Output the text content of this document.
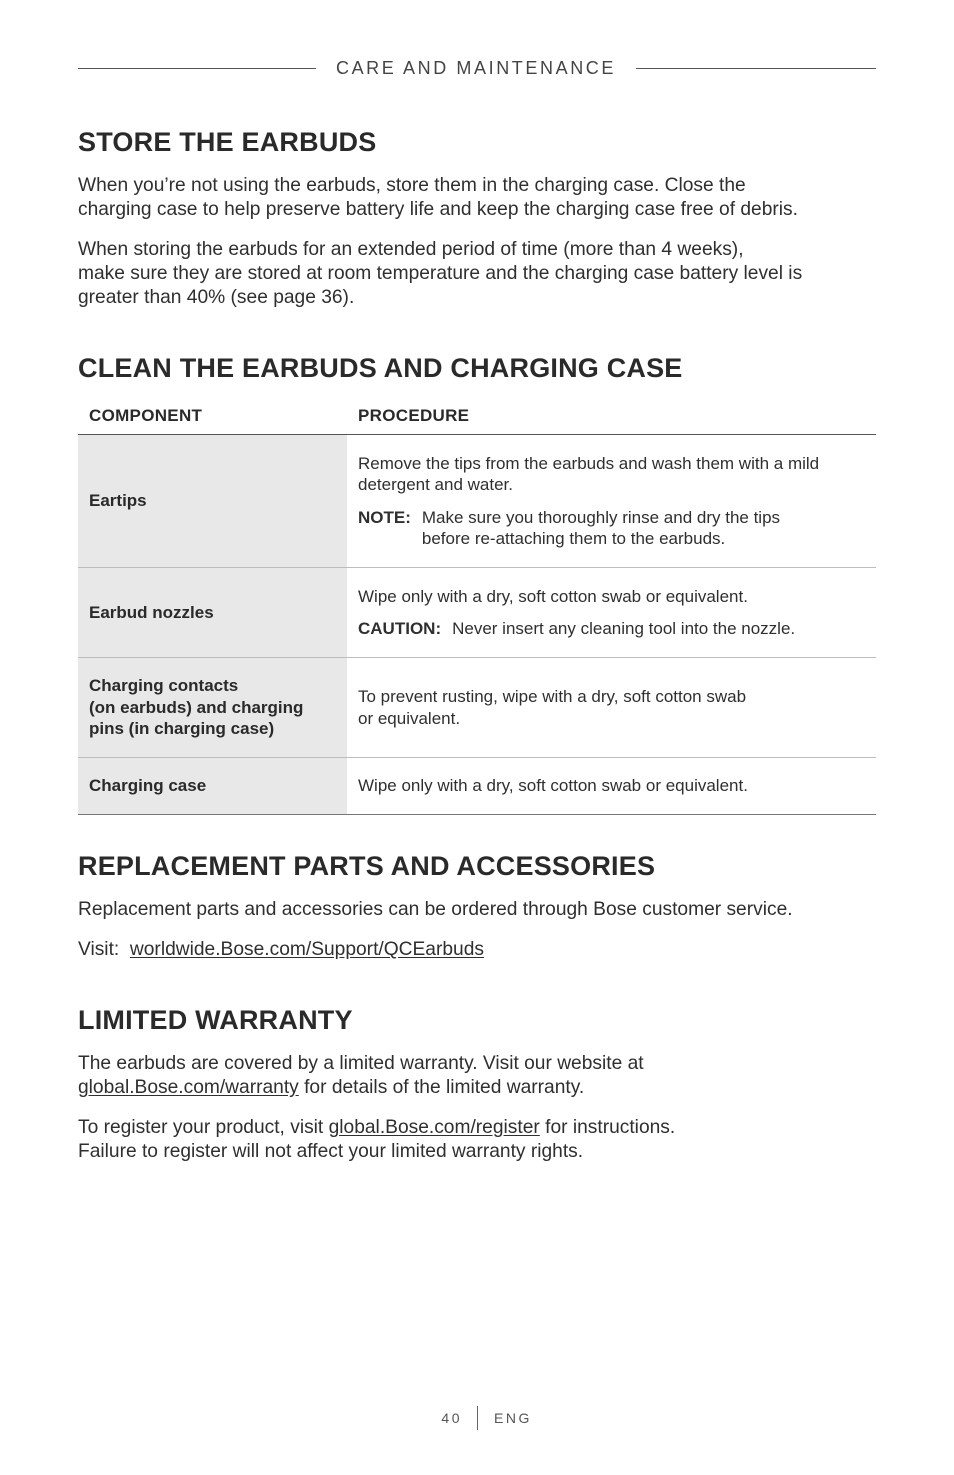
CARE AND MAINTENANCE
STORE THE EARBUDS

When you’re not using the earbuds, store them in the charging case. Close the
charging case to help preserve battery life and keep the charging case free of debris.

When storing the earbuds for an extended period of time (more than 4 weeks),
make sure they are stored at room temperature and the charging case battery level is
greater than 40% (see page 36).

CLEAN THE EARBUDS AND CHARGING CASE
COMPONENT	PROCEDURE
Eartips
Remove the tips from the earbuds and wash them with a mild
detergent and water.
NOTE: Make sure you thoroughly rinse and dry the tips
before re-attaching them to the earbuds.
Earbud nozzles
Wipe only with a dry, soft cotton swab or equivalent.
CAUTION: Never insert any cleaning tool into the nozzle.
Charging contacts
(on earbuds) and charging
pins (in charging case)
To prevent rusting, wipe with a dry, soft cotton swab
or equivalent.
Charging case	Wipe only with a dry, soft cotton swab or equivalent.
REPLACEMENT PARTS AND ACCESSORIES

Replacement parts and accessories can be ordered through Bose customer service.

Visit: worldwide.Bose.com/Support/QCEarbuds

LIMITED WARRANTY

The earbuds are covered by a limited warranty. Visit our website at
global.Bose.com/warranty for details of the limited warranty.

To register your product, visit global.Bose.com/register for instructions.
Failure to register will not affect your limited warranty rights.

40 ENG
